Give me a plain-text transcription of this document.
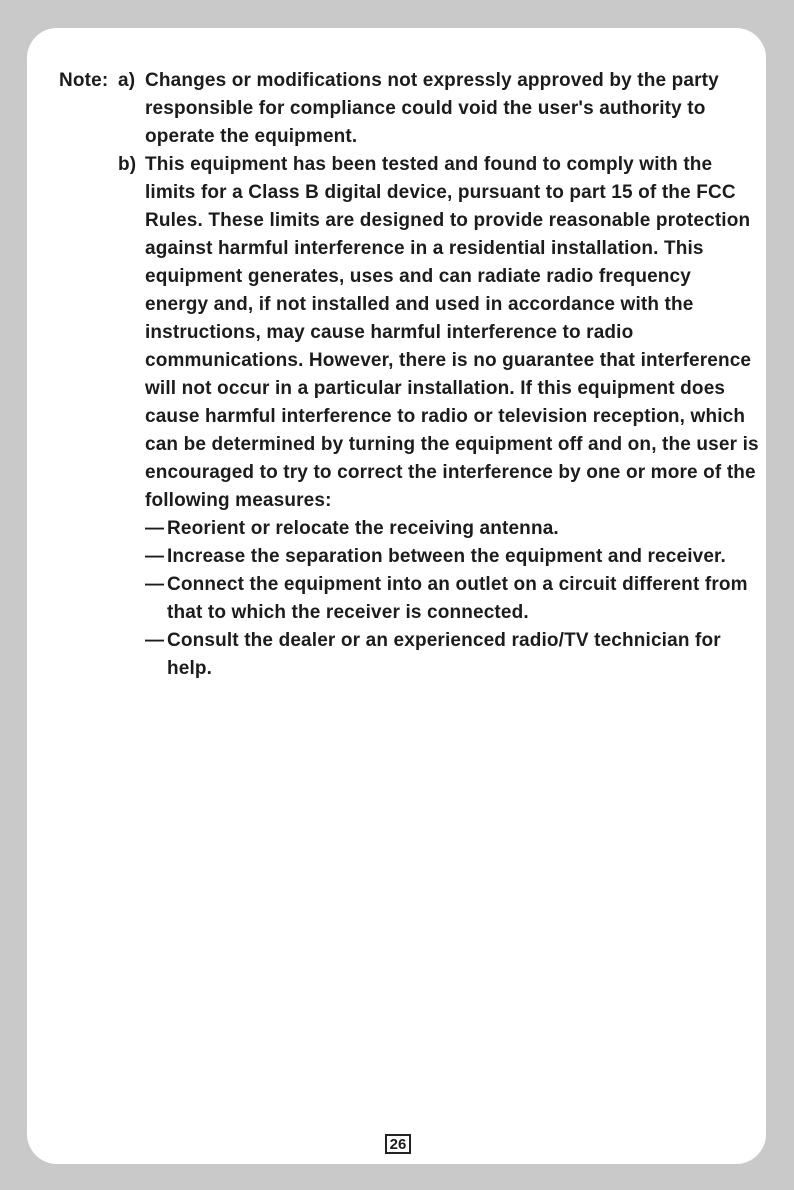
Note: a) Changes or modifications not expressly approved by the party responsible for compliance could void the user's authority to operate the equipment.
b) This equipment has been tested and found to comply with the limits for a Class B digital device, pursuant to part 15 of the FCC Rules. These limits are designed to provide reasonable protection against harmful interference in a residential installation. This equipment generates, uses and can radiate radio frequency energy and, if not installed and used in accordance with the instructions, may cause harmful interference to radio communications. However, there is no guarantee that interference will not occur in a particular installation. If this equipment does cause harmful interference to radio or television reception, which can be determined by turning the equipment off and on, the user is encouraged to try to correct the interference by one or more of the following measures:
— Reorient or relocate the receiving antenna.
— Increase the separation between the equipment and receiver.
— Connect the equipment into an outlet on a circuit different from that to which the receiver is connected.
— Consult the dealer or an experienced radio/TV technician for help.
26
